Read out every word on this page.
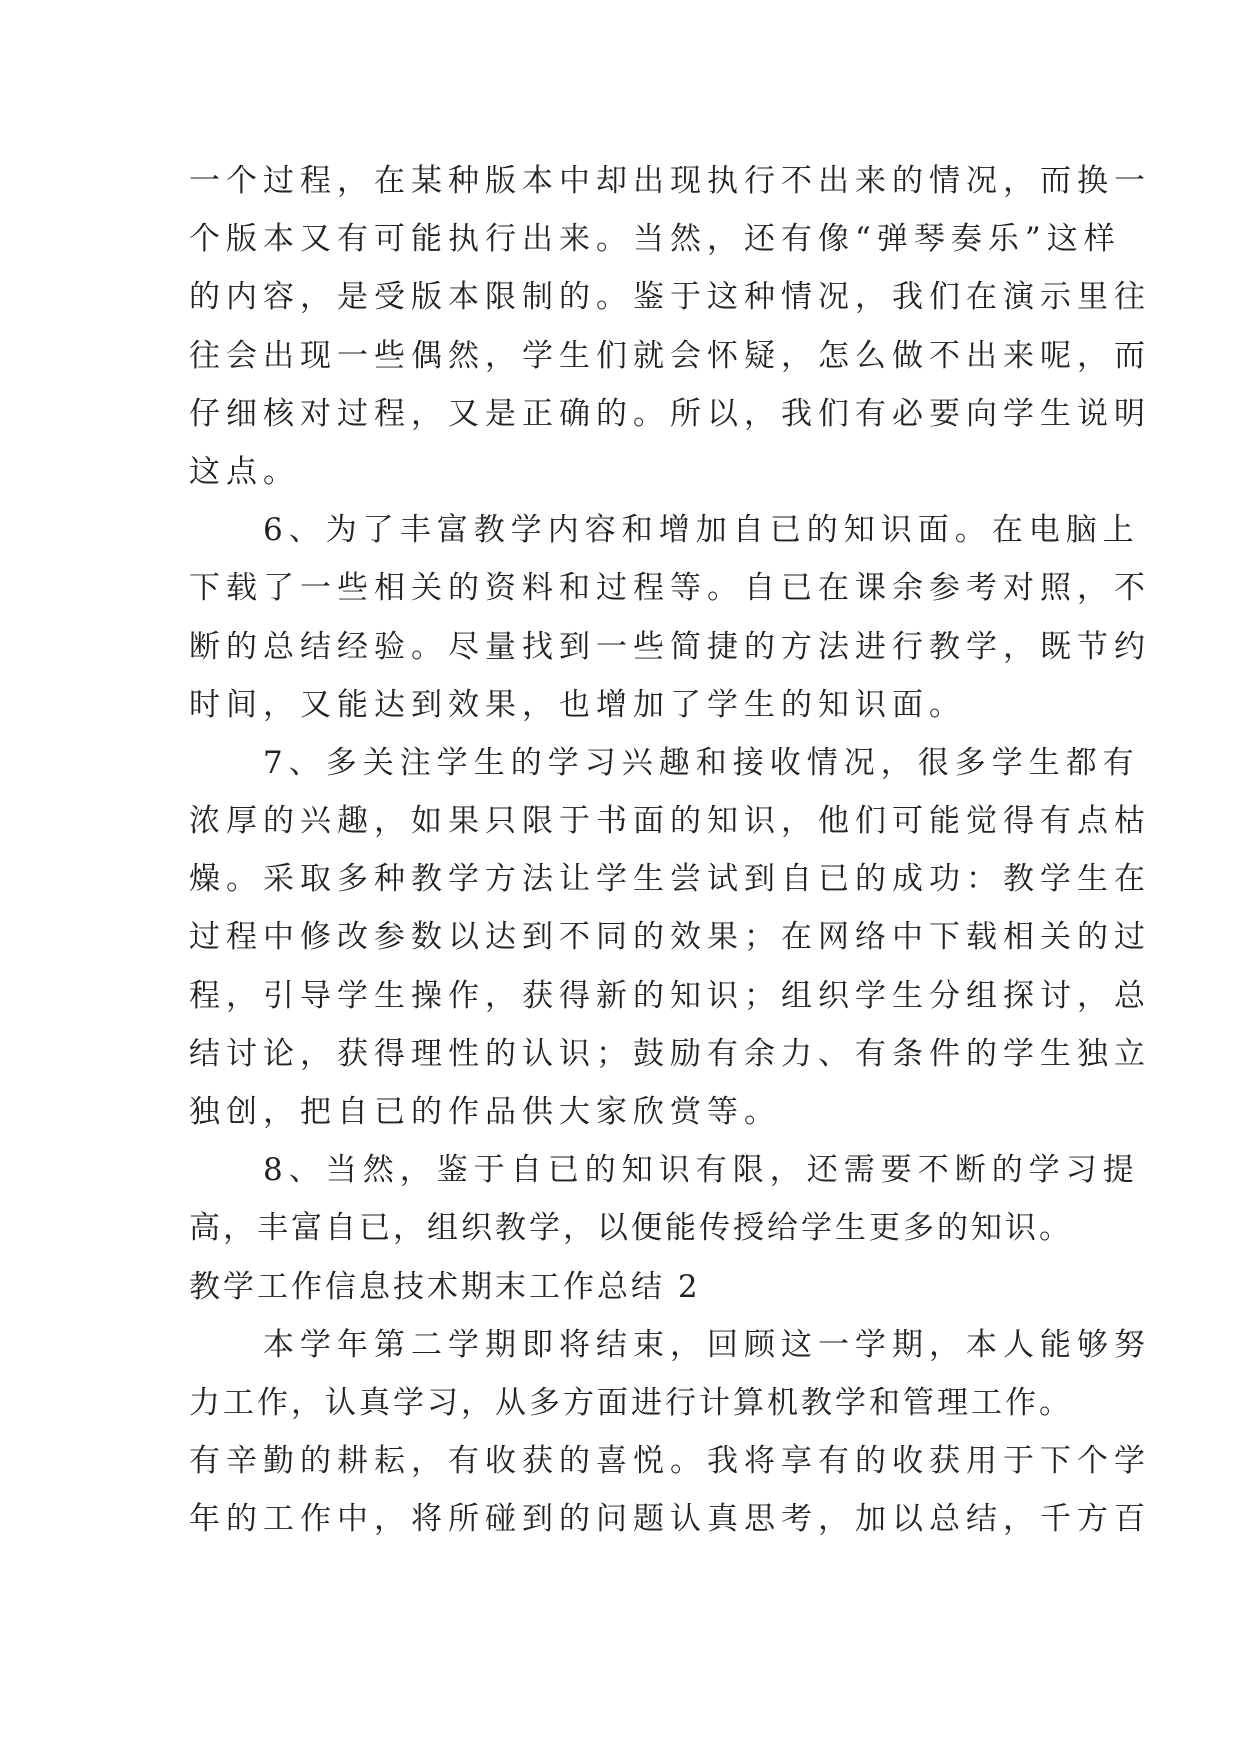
一个过程，在某种版本中却出现执行不出来的情况，而换一
个版本又有可能执行出来。当然，还有像“弹琴奏乐”这样
的内容，是受版本限制的。鉴于这种情况，我们在演示里往
往会出现一些偶然，学生们就会怀疑，怎么做不出来呢，而
仔细核对过程，又是正确的。所以，我们有必要向学生说明
这点。
　　6、为了丰富教学内容和增加自已的知识面。在电脑上
下载了一些相关的资料和过程等。自已在课余参考对照，不
断的总结经验。尽量找到一些简捷的方法进行教学，既节约
时间，又能达到效果，也增加了学生的知识面。
　　7、多关注学生的学习兴趣和接收情况，很多学生都有
浓厚的兴趣，如果只限于书面的知识，他们可能觉得有点枯
燥。采取多种教学方法让学生尝试到自已的成功：教学生在
过程中修改参数以达到不同的效果；在网络中下载相关的过
程，引导学生操作，获得新的知识；组织学生分组探讨，总
结讨论，获得理性的认识；鼓励有余力、有条件的学生独立
独创，把自已的作品供大家欣赏等。
　　8、当然，鉴于自已的知识有限，还需要不断的学习提
高，丰富自已，组织教学，以便能传授给学生更多的知识。
教学工作信息技术期末工作总结 2
　　本学年第二学期即将结束，回顾这一学期，本人能够努
力工作，认真学习，从多方面进行计算机教学和管理工作。
有辛勤的耕耘，有收获的喜悦。我将享有的收获用于下个学
年的工作中，将所碰到的问题认真思考，加以总结，千方百
